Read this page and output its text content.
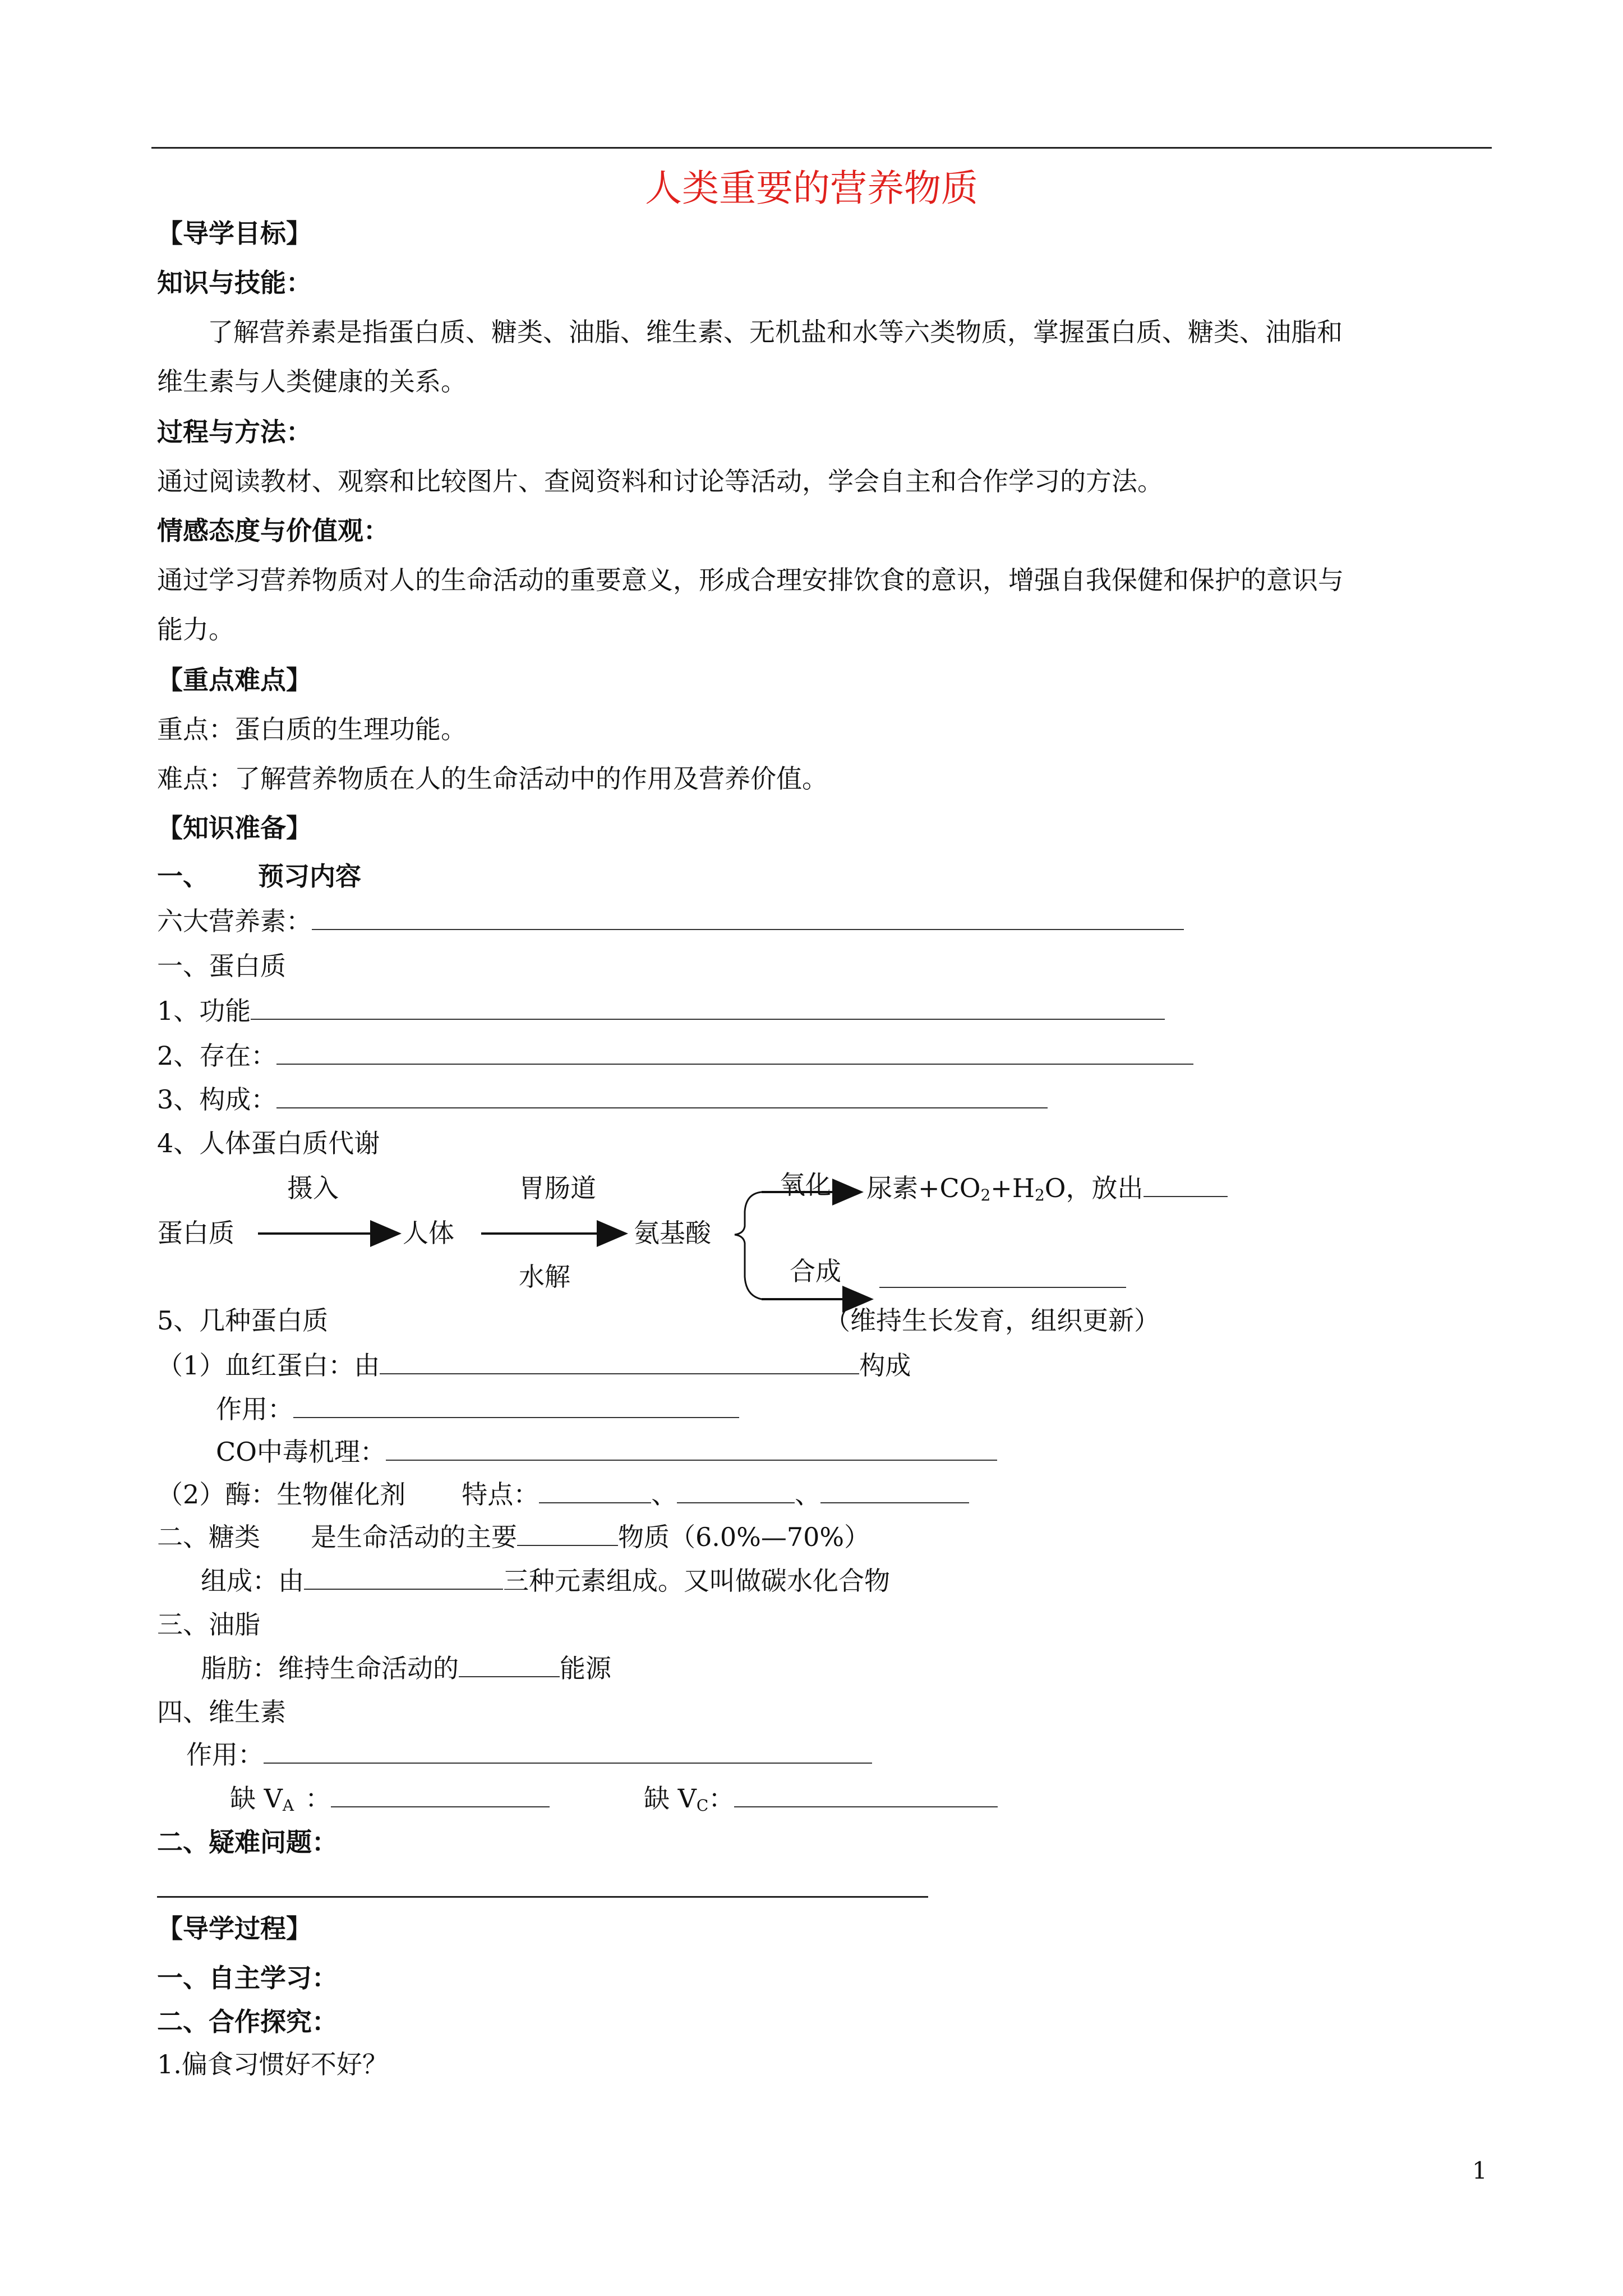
人类重要的营养物质
【导学目标】
知识与技能：
了解营养素是指蛋白质、糖类、油脂、维生素、无机盐和水等六类物质，掌握蛋白质、糖类、油脂和
维生素与人类健康的关系。
过程与方法：
通过阅读教材、观察和比较图片、查阅资料和讨论等活动，学会自主和合作学习的方法。
情感态度与价值观：
通过学习营养物质对人的生命活动的重要意义，形成合理安排饮食的意识，增强自我保健和保护的意识与
能力。
【重点难点】
重点：蛋白质的生理功能。
难点：了解营养物质在人的生命活动中的作用及营养价值。
【知识准备】
一、 预习内容
六大营养素：
一、蛋白质
1、功能
2、存在：
3、构成：
4、人体蛋白质代谢
摄入	胃肠道
蛋白质	人体	氨基酸
水解
氧化 尿素$+CO_2+H_2O$，放出
合成
（维持生长发育，组织更新）
5、几种蛋白质
（1）血红蛋白：由	构成
作用：
CO中毒机理：
（2）酶：生物催化剂 特点：	、	、
二、糖类 是生命活动的主要	物质（6.0%—70%）
组成：由	三种元素组成。又叫做碳水化合物
三、油脂
脂肪：维持生命活动的	能源
四、维生素
作用：
缺 $V_A$ ：	缺 $V_C$：
二、疑难问题：
【导学过程】
一、自主学习：
二、合作探究：
1.偏食习惯好不好？
1
